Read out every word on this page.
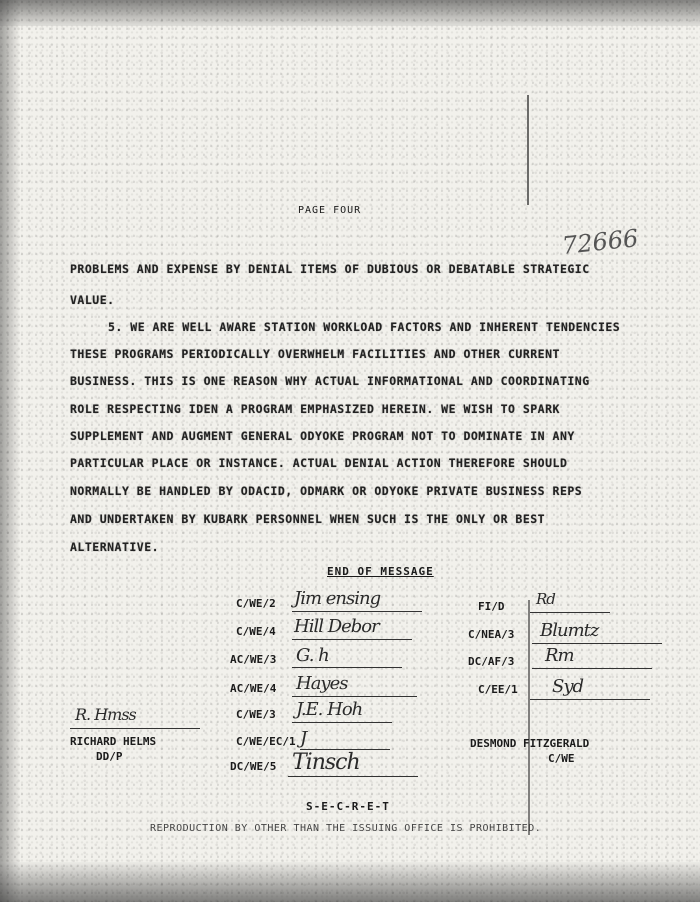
PAGE FOUR
72666
PROBLEMS AND EXPENSE BY DENIAL ITEMS OF DUBIOUS OR DEBATABLE STRATEGIC
VALUE.
5. WE ARE WELL AWARE STATION WORKLOAD FACTORS AND INHERENT TENDENCIES
THESE PROGRAMS PERIODICALLY OVERWHELM FACILITIES AND OTHER CURRENT
BUSINESS. THIS IS ONE REASON WHY ACTUAL INFORMATIONAL AND COORDINATING
ROLE RESPECTING IDEN A PROGRAM EMPHASIZED HEREIN. WE WISH TO SPARK
SUPPLEMENT AND AUGMENT GENERAL ODYOKE PROGRAM NOT TO DOMINATE IN ANY
PARTICULAR PLACE OR INSTANCE. ACTUAL DENIAL ACTION THEREFORE SHOULD
NORMALLY BE HANDLED BY ODACID, ODMARK OR ODYOKE PRIVATE BUSINESS REPS
AND UNDERTAKEN BY KUBARK PERSONNEL WHEN SUCH IS THE ONLY OR BEST
ALTERNATIVE.
END OF MESSAGE
C/WE/2 Jim ensing
C/WE/4 Hill Debor
AC/WE/3 G. h
AC/WE/4 Hayes
C/WE/3 J.E. Hoh
C/WE/EC/1 J
DC/WE/5 Tinsch
FI/D Rd
C/NEA/3 Blumtz
DC/AF/3 Rm
C/EE/1 Syd
R. Hmss
RICHARD HELMS
DD/P
DESMOND FITZGERALD
C/WE
S-E-C-R-E-T
REPRODUCTION BY OTHER THAN THE ISSUING OFFICE IS PROHIBITED.
